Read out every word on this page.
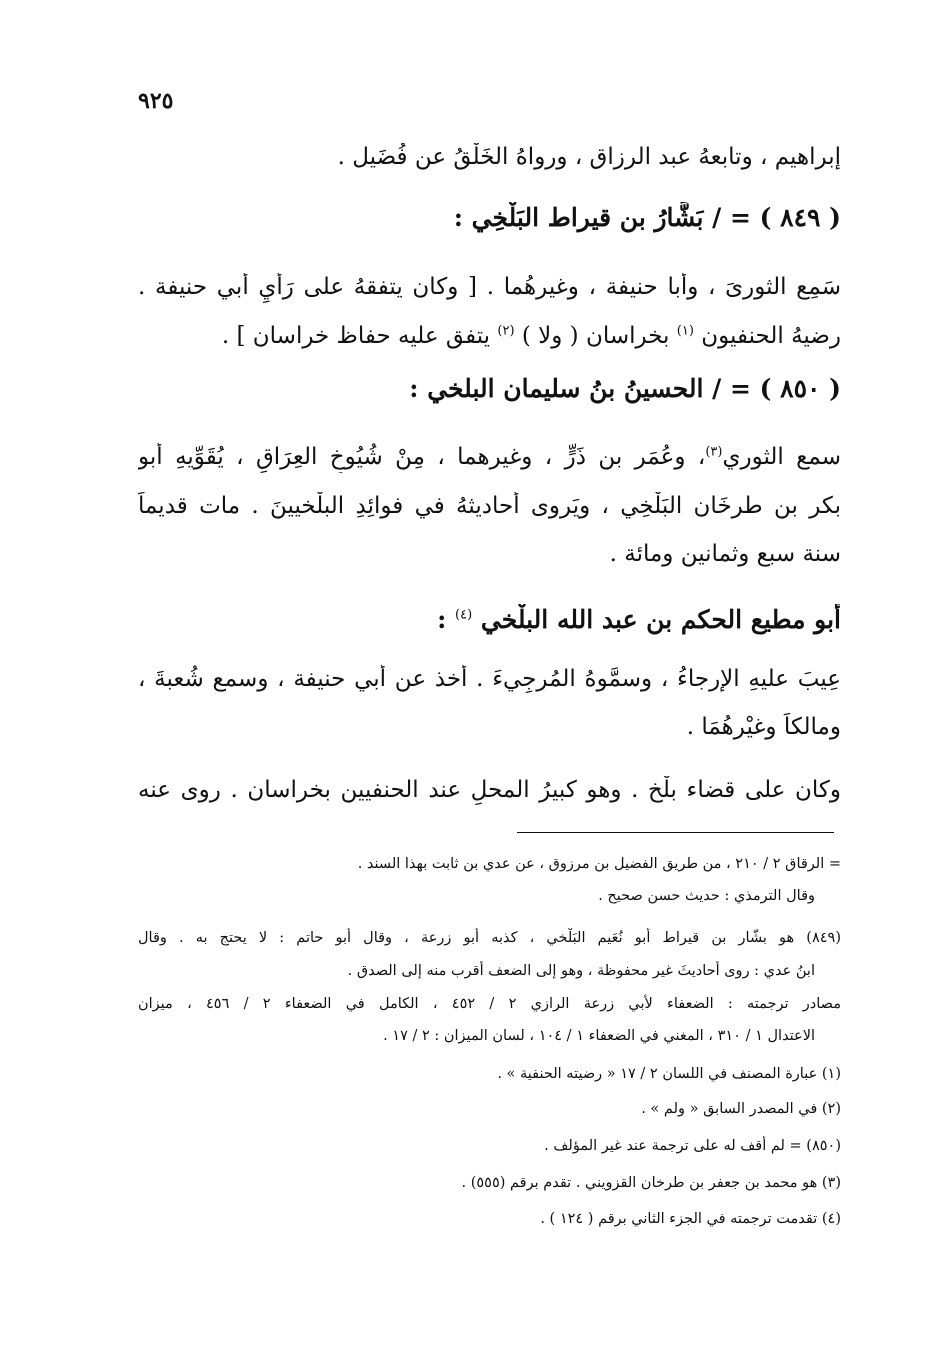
٩٢٥
إبراهيم ، وتابعهُ عبد الرزاق ، ورواهُ الخَلْقُ عن فُضَيل .
( ٨٤٩ ) = / بَشَّارُ بن قيراط البَلْخِي :
سَمِع الثورىَ ، وأبا حنيفة ، وغيرهُما . [ وكان يتفقهُ على رَأْيِ أبي حنيفة .
رضيهُ الحنفيون $^{(١)}$ بخراسان ( ولا ) $^{(٢)}$ يتفق عليه حفاظ خراسان ] .
( ٨٥٠ ) = / الحسينُ بنُ سليمان البلخي :
سمع الثوري$^{(٣)}$، وعُمَر بن ذَرٍّ ، وغيرهما ، مِنْ شُيُوخِ العِرَاقِ ، يُقَوِّيهِ أبو
بكر بن طرخَان البَلْخِي ، ويَروى أحاديثهُ في فوائِدِ البلْخيينَ . مات قديماً
سنة سبع وثمانين ومائة .
أبو مطيع الحكم بن عبد الله البلْخي $^{(٤)}$ :
عِيبَ عليهِ الإرجاءُ ، وسمَّوهُ المُرجِيءَ . أخذ عن أبي حنيفة ، وسمع شُعبةَ ،
ومالكاً وغيْرهُمَا .
وكان على قضاء بلْخ . وهو كبيرُ المحلِ عند الحنفيين بخراسان . روى عنه
= الرقاق ٢ / ٢١٠ ، من طريق الفضيل بن مرزوق ، عن عدي بن ثابت بهذا السند .
وقال الترمذي : حديث حسن صحيح .
(٨٤٩) هو بشّار بن قيراط أبو نُعَيم البَلْخي ، كذبه أبو زرعة ، وقال أبو حاتم : لا يحتج به . وقال
ابنُ عدي : روى أحاديثَ غير محفوظة ، وهو إلى الضعف أقرب منه إلى الصدق .
مصادر ترجمته : الضعفاء لأبي زرعة الرازي ٢ / ٤٥٢ ، الكامل في الضعفاء ٢ / ٤٥٦ ، ميزان
الاعتدال ١ / ٣١٠ ، المغني في الضعفاء ١ / ١٠٤ ، لسان الميزان : ٢ / ١٧ .
(١) عبارة المصنف في اللسان ٢ / ١٧ « رضيته الحنفية » .
(٢) في المصدر السابق « ولم » .
(٨٥٠) = لم أقف له على ترجمة عند غير المؤلف .
(٣) هو محمد بن جعفر بن طرخان القزويني . تقدم برقم (٥٥٥) .
(٤) تقدمت ترجمته في الجزء الثاني برقم ( ١٢٤ ) .
